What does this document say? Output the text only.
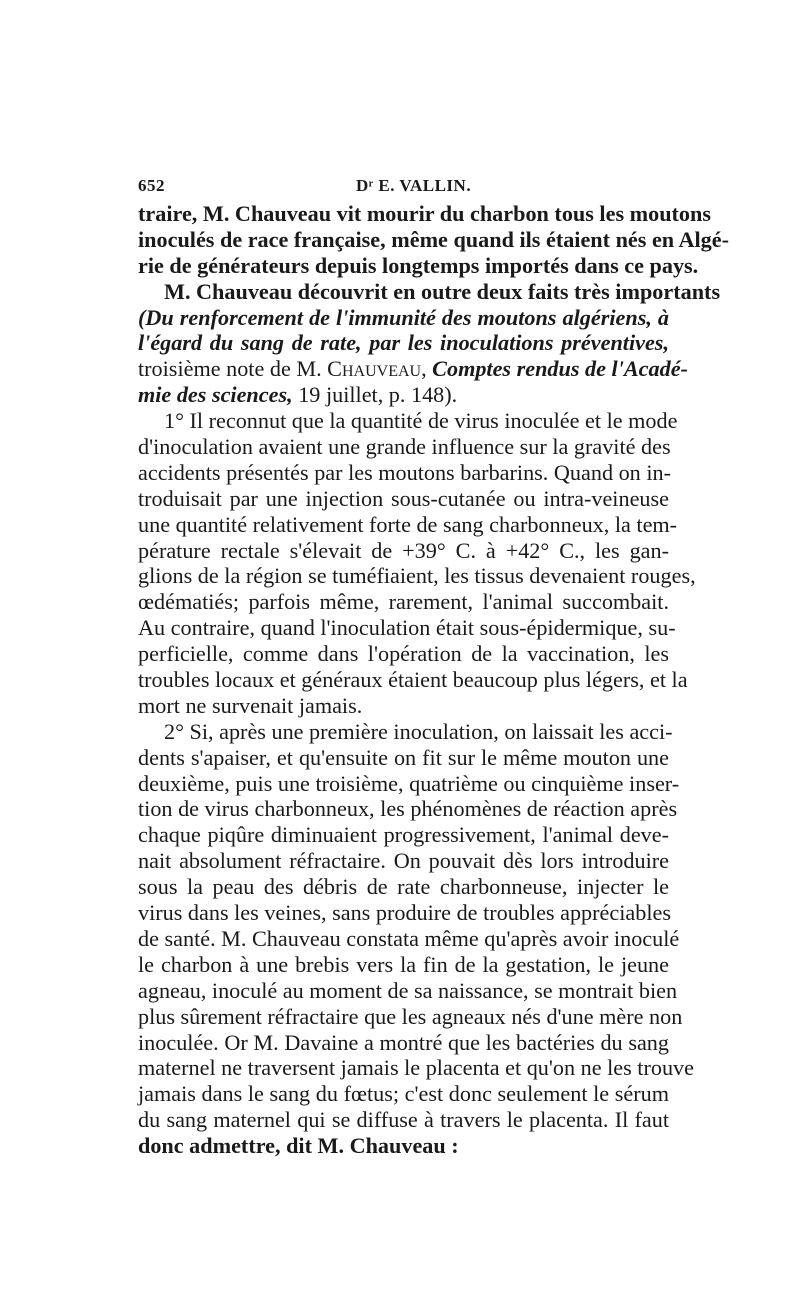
652	Dʳ E. VALLIN.
traire, M. Chauveau vit mourir du charbon tous les moutons
inoculés de race française, même quand ils étaient nés en Algé-
rie de générateurs depuis longtemps importés dans ce pays.
M. Chauveau découvrit en outre deux faits très importants
(Du renforcement de l'immunité des moutons algériens, à
l'égard du sang de rate, par les inoculations préventives,
troisième note de M. Chauveau, Comptes rendus de l'Acadé-
mie des sciences, 19 juillet, p. 148).
1° Il reconnut que la quantité de virus inoculée et le mode
d'inoculation avaient une grande influence sur la gravité des
accidents présentés par les moutons barbarins. Quand on in-
troduisait par une injection sous-cutanée ou intra-veineuse
une quantité relativement forte de sang charbonneux, la tem-
pérature rectale s'élevait de +39° C. à +42° C., les gan-
glions de la région se tuméfiaient, les tissus devenaient rouges,
œdématiés; parfois même, rarement, l'animal succombait.
Au contraire, quand l'inoculation était sous-épidermique, su-
perficielle, comme dans l'opération de la vaccination, les
troubles locaux et généraux étaient beaucoup plus légers, et la
mort ne survenait jamais.
2° Si, après une première inoculation, on laissait les acci-
dents s'apaiser, et qu'ensuite on fit sur le même mouton une
deuxième, puis une troisième, quatrième ou cinquième inser-
tion de virus charbonneux, les phénomènes de réaction après
chaque piqûre diminuaient progressivement, l'animal deve-
nait absolument réfractaire. On pouvait dès lors introduire
sous la peau des débris de rate charbonneuse, injecter le
virus dans les veines, sans produire de troubles appréciables
de santé. M. Chauveau constata même qu'après avoir inoculé
le charbon à une brebis vers la fin de la gestation, le jeune
agneau, inoculé au moment de sa naissance, se montrait bien
plus sûrement réfractaire que les agneaux nés d'une mère non
inoculée. Or M. Davaine a montré que les bactéries du sang
maternel ne traversent jamais le placenta et qu'on ne les trouve
jamais dans le sang du fœtus; c'est donc seulement le sérum
du sang maternel qui se diffuse à travers le placenta. Il faut
donc admettre, dit M. Chauveau :
